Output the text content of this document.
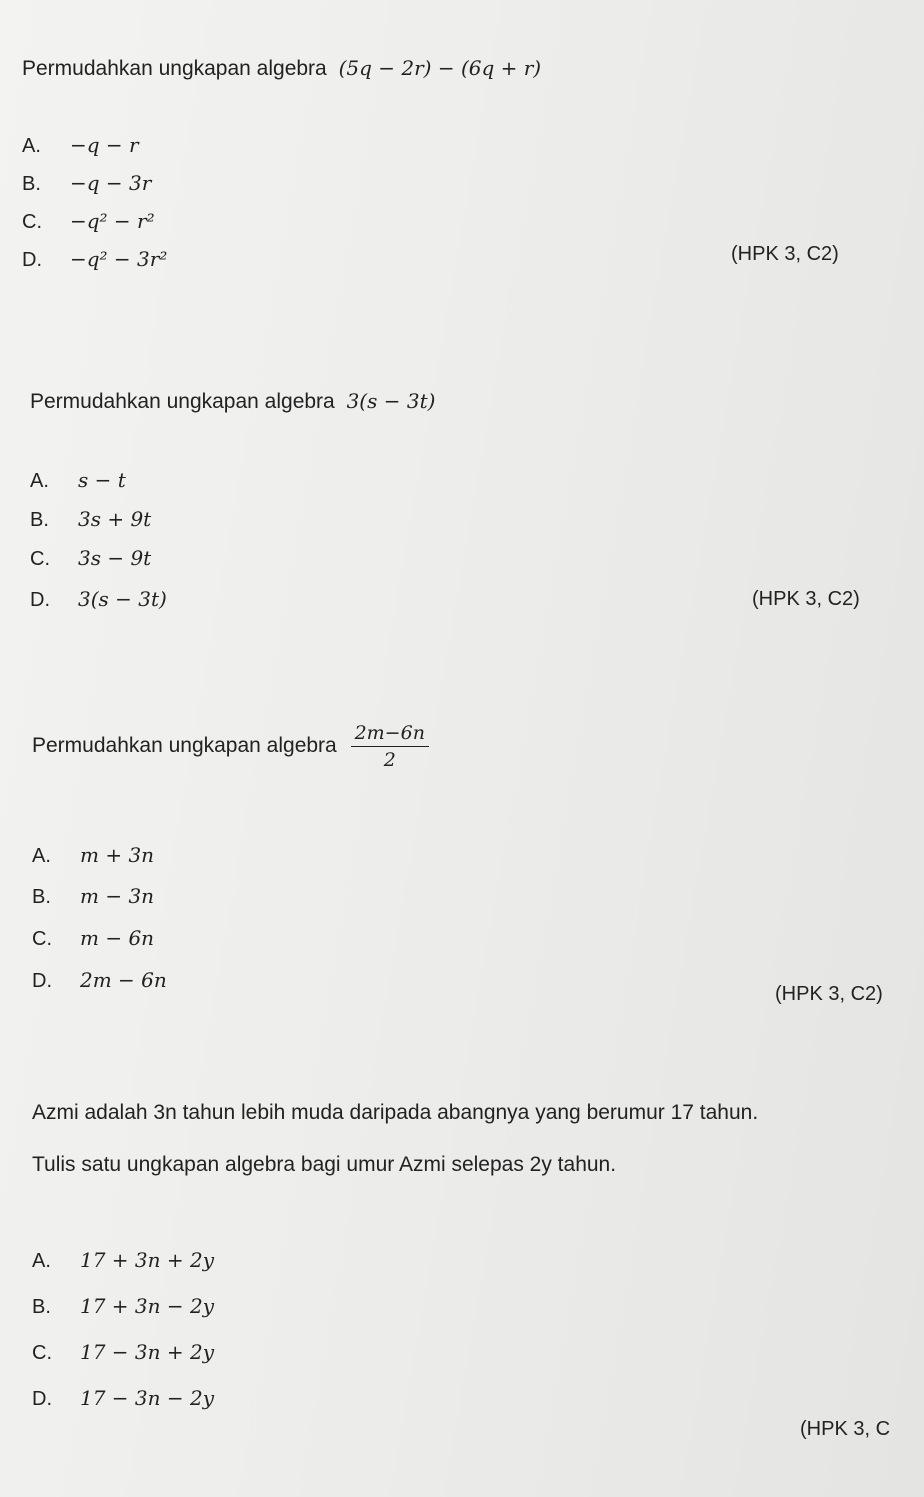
Permudahkan ungkapan algebra (5q − 2r) − (6q + r)
A. −q − r
B. −q − 3r
C. −q² − r²
D. −q² − 3r²	(HPK 3, C2)
Permudahkan ungkapan algebra 3(s − 3t)
A. s − t
B. 3s + 9t
C. 3s − 9t
D. 3(s − 3t)	(HPK 3, C2)
Permudahkan ungkapan algebra $\frac{2m-6n}{2}$
A. m + 3n
B. m − 3n
C. m − 6n
D. 2m − 6n
(HPK 3, C2)
Azmi adalah 3n tahun lebih muda daripada abangnya yang berumur 17 tahun.
Tulis satu ungkapan algebra bagi umur Azmi selepas 2y tahun.
A. 17 + 3n + 2y
B. 17 + 3n − 2y
C. 17 − 3n + 2y
D. 17 − 3n − 2y
(HPK 3, C
